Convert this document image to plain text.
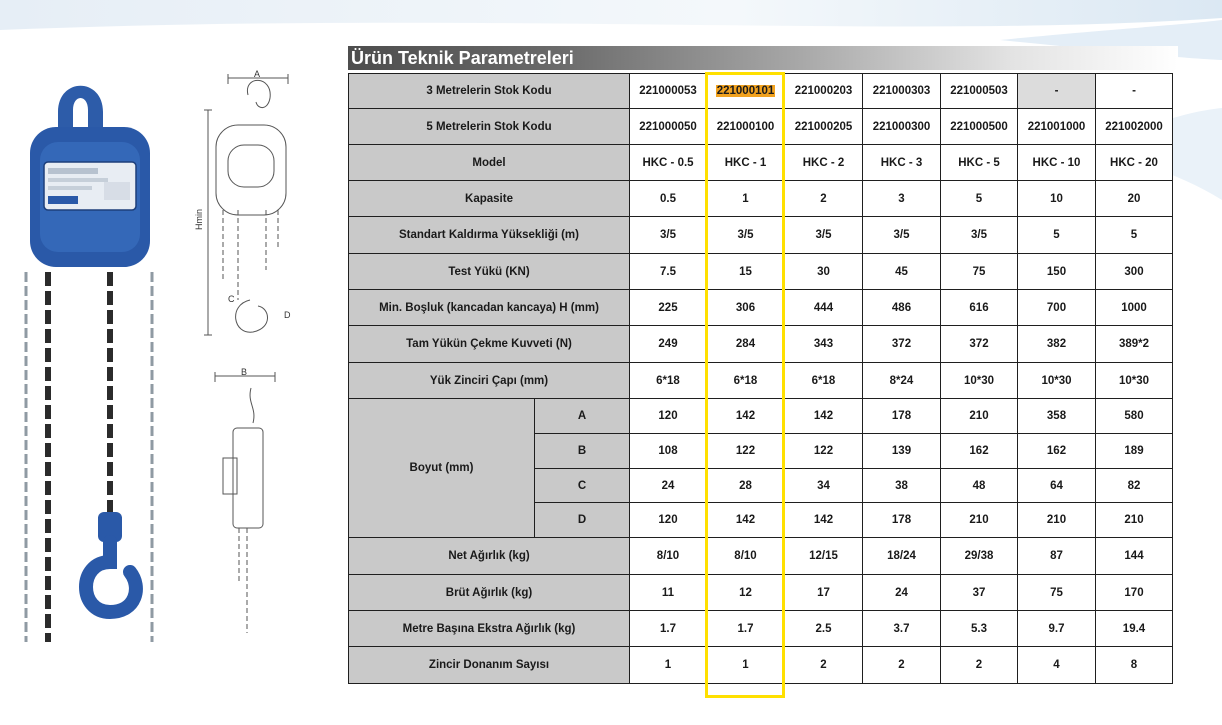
A
Hmin
C
D
B
Ürün Teknik Parametreleri
3 Metrelerin Stok Kodu		221000053	221000101	221000203	221000303	221000503	-	-
5 Metrelerin Stok Kodu		221000050	221000100	221000205	221000300	221000500	221001000	221002000
Model		HKC - 0.5	HKC - 1	HKC - 2	HKC - 3	HKC - 5	HKC - 10	HKC - 20
Kapasite		0.5	1	2	3	5	10	20
Standart Kaldırma Yüksekliği (m)		3/5	3/5	3/5	3/5	3/5	5	5
Test Yükü (KN)		7.5	15	30	45	75	150	300
Min. Boşluk (kancadan kancaya) H (mm)		225	306	444	486	616	700	1000
Tam Yükün Çekme Kuvveti (N)		249	284	343	372	372	382	389*2
Yük Zinciri Çapı (mm)		6*18	6*18	6*18	8*24	10*30	10*30	10*30
Boyut (mm)	A	120	142	142	178	210	358	580
	B	108	122	122	139	162	162	189
	C	24	28	34	38	48	64	82
	D	120	142	142	178	210	210	210
Net Ağırlık (kg)		8/10	8/10	12/15	18/24	29/38	87	144
Brüt Ağırlık (kg)		11	12	17	24	37	75	170
Metre Başına Ekstra Ağırlık (kg)		1.7	1.7	2.5	3.7	5.3	9.7	19.4
Zincir Donanım Sayısı		1	1	2	2	2	4	8
